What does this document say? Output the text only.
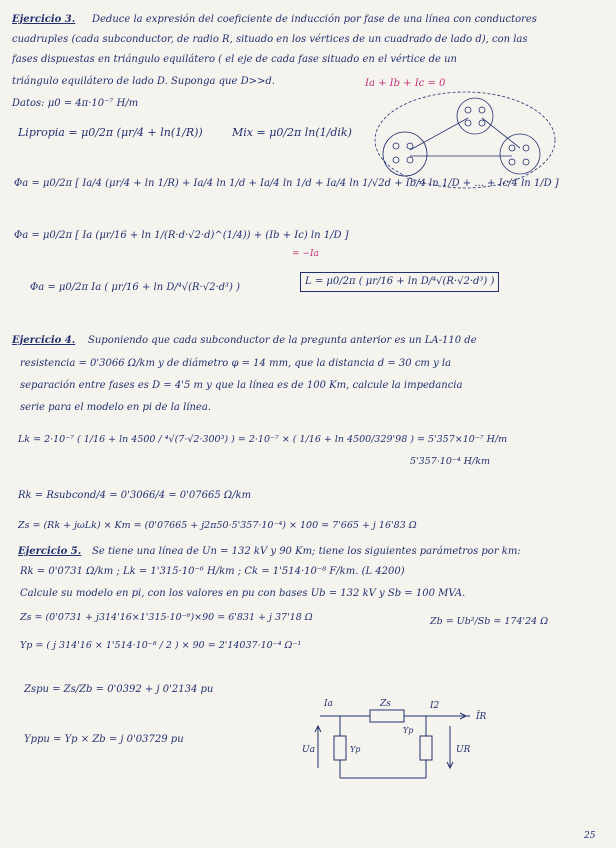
Ejercicio 3. Deduce la expresión del coeficiente de inducción por fase de una línea con conductores
cuadruples (cada subconductor, de radio R, situado en los vértices de un cuadrado de lado d), con las
fases dispuestas en triángulo equilátero ( el eje de cada fase situado en el vértice de un
triángulo equilátero de lado D. Suponga que D>>d.	Ia + Ib + Ic = 0
Datos: μ0 = 4π·10⁻⁷ H/m
Lipropia = μ0/2π (μr/4 + ln(1/R))	Mix = μ0/2π ln(1/dik)
Φa = μ0/2π [ Ia/4 (μr/4 + ln 1/R) + Ia/4 ln 1/d + Ia/4 ln 1/d + Ia/4 ln 1/√2d + Ib/4 ln 1/D + ... + Ic/4 ln 1/D ]
Φa = μ0/2π [ Ia (μr/16 + ln 1/(R·d·√2·d)^(1/4)) + (Ib + Ic) ln 1/D ]
= −Ia
Φa = μ0/2π Ia ( μr/16 + ln D/⁴√(R·√2·d³) )
L = μ0/2π ( μr/16 + ln D/⁴√(R·√2·d³) )
Ejercicio 4. Suponiendo que cada subconductor de la pregunta anterior es un LA-110 de
resistencia = 0'3066 Ω/km y de diámetro φ = 14 mm, que la distancia d = 30 cm y la
separación entre fases es D = 4'5 m y que la línea es de 100 Km, calcule la impedancia
serie para el modelo en pi de la línea.
Lk = 2·10⁻⁷ ( 1/16 + ln 4500 / ⁴√(7·√2·300³) ) = 2·10⁻⁷ × ( 1/16 + ln 4500/329'98 ) = 5'357×10⁻⁷ H/m
5'357·10⁻⁴ H/km
Rk = Rsubcond/4 = 0'3066/4 = 0'07665 Ω/km
Zs = (Rk + jωLk) × Km = (0'07665 + j2π50·5'357·10⁻⁴) × 100 = 7'665 + j 16'83 Ω
Ejercicio 5. Se tiene una línea de Un = 132 kV y 90 Km; tiene los siguientes parámetros por km:
Rk = 0'0731 Ω/km ; Lk = 1'315·10⁻⁶ H/km ; Ck = 1'514·10⁻⁸ F/km. (L 4200)
Calcule su modelo en pi, con los valores en pu con bases Ub = 132 kV y Sb = 100 MVA.
Zs = (0'0731 + j314'16×1'315·10⁻⁶)×90 = 6'831 + j 37'18 Ω	Zb = Ub²/Sb = 174'24 Ω
Yp = ( j 314'16 × 1'514·10⁻⁸ / 2 ) × 90 = 2'14037·10⁻⁴ Ω⁻¹
Zspu = Zs/Zb = 0'0392 + j 0'2134 pu
Yppu = Yp × Zb = j 0'03729 pu
Ia	Zs	I2
ĪR
Ua	Yp
Yp
UR
25
